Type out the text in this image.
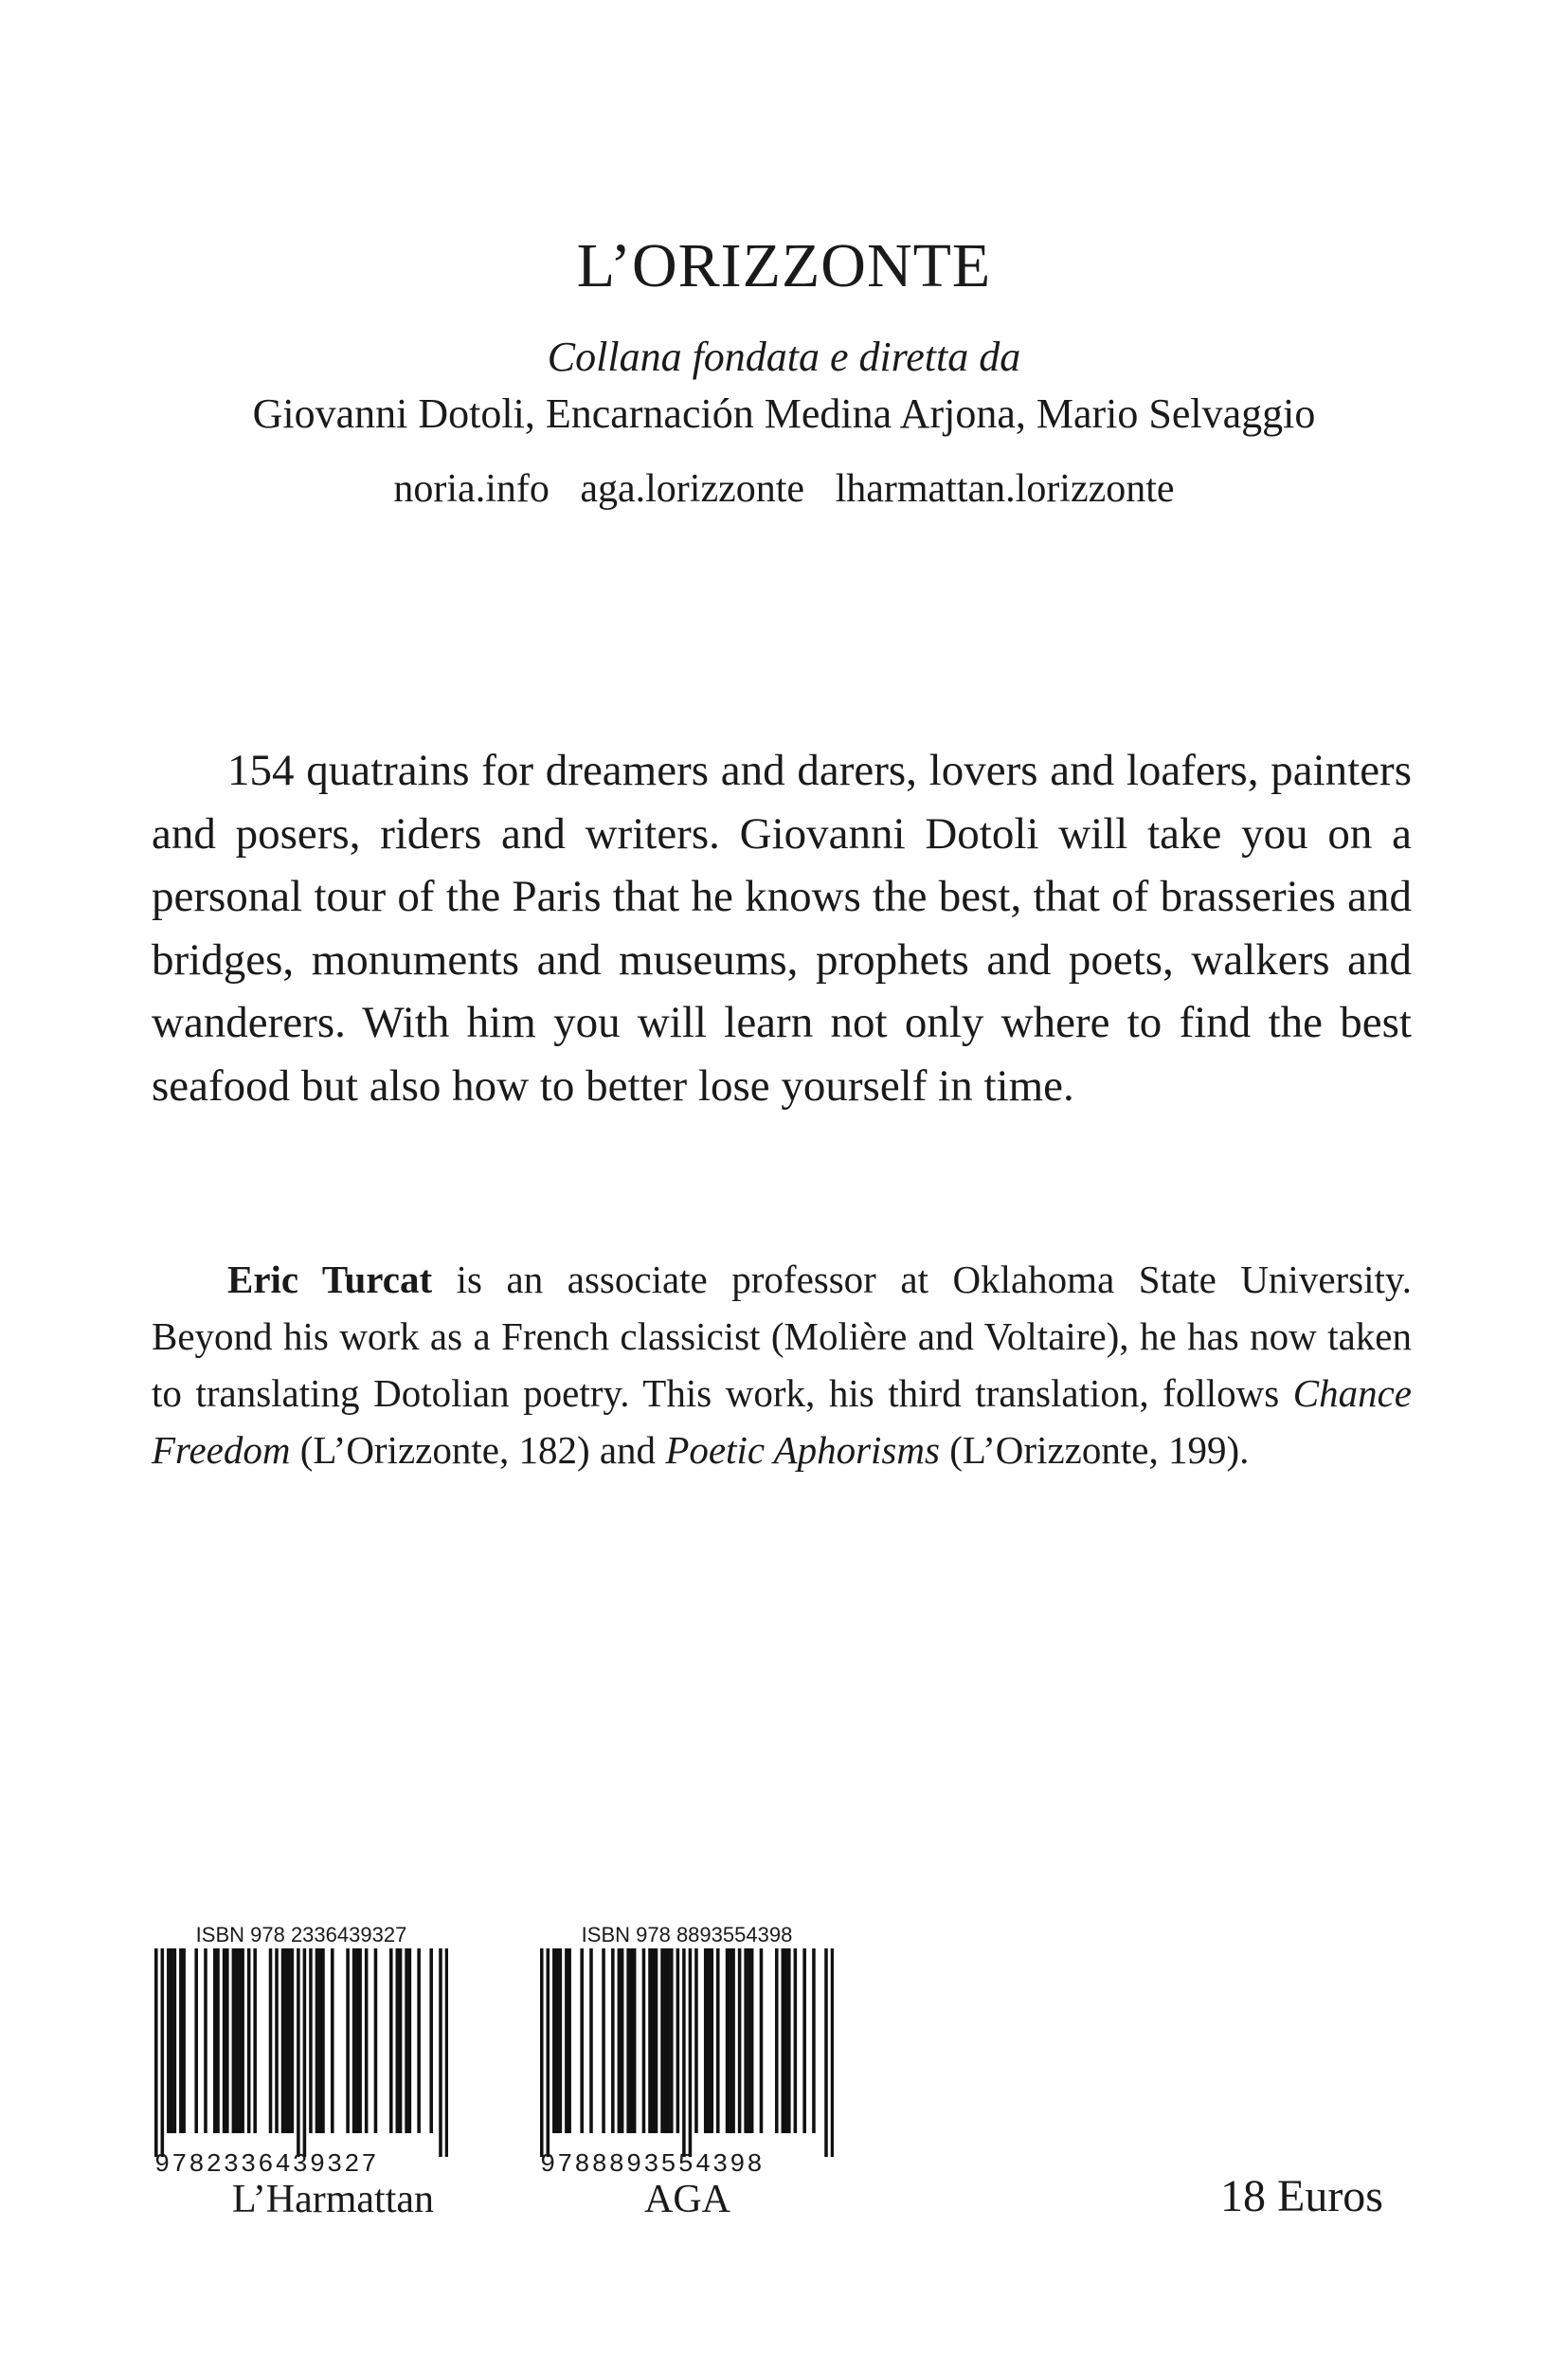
L’ORIZZONTE
Collana fondata e diretta da
Giovanni Dotoli, Encarnación Medina Arjona, Mario Selvaggio
noria.info aga.lorizzonte lharmattan.lorizzonte

154 quatrains for dreamers and darers, lovers and loafers, painters and posers, riders and writers. Giovanni Dotoli will take you on a personal tour of the Paris that he knows the best, that of brasseries and bridges, monuments and museums, prophets and poets, walkers and wanderers. With him you will learn not only where to find the best seafood but also how to better lose yourself in time.

Eric Turcat is an associate professor at Oklahoma State University. Beyond his work as a French classicist (Molière and Voltaire), he has now taken to translating Dotolian poetry. This work, his third translation, follows Chance Freedom (L’Orizzonte, 182) and Poetic Aphorisms (L’Orizzonte, 199).

ISBN 978 2336439327
9782336439327
ISBN 978 8893554398
9788893554398
L’Harmattan	AGA	18 Euros
